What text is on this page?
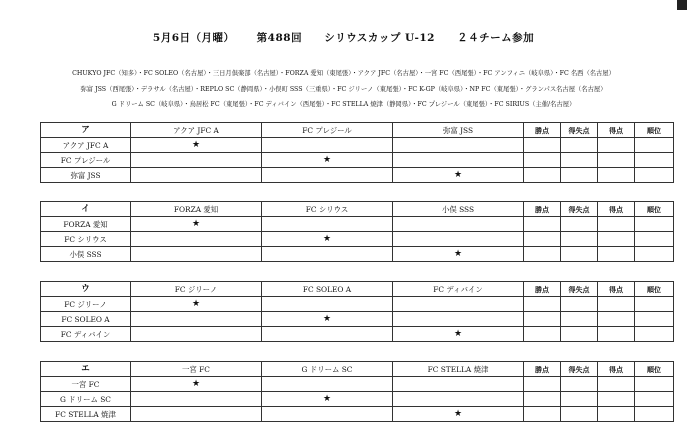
5月6日（月曜） 第488回 シリウスカップ U-12 ２４チーム参加
CHUKYO JFC（知多）・FC SOLEO（名古屋）・三日月倶楽部（名古屋）・FORZA 愛知（東尾張）・アクア JFC（名古屋）・一宮 FC（西尾張）・FC アンフィニ（岐阜県）・FC 名西（名古屋）
弥富 JSS（西尾張）・デラサル（名古屋）・REPLO SC（静岡県）・小俣町 SSS（三重県）・FC ジリーノ（東尾張）・FC K-GP（岐阜県）・NP FC（東尾張）・グランパス名古屋（名古屋）
G ドリーム SC（岐阜県）・鳥居松 FC（東尾張）・FC ディバイン（西尾張）・FC STELLA 焼津（静岡県）・FC プレジール（東尾張）・FC SIRIUS（主催/名古屋）
ア	アクア JFC A	FC プレジール	弥富 JSS	勝点	得失点	得点	順位
アクア JFC A	★						
FC プレジール		★					
弥富 JSS			★				
イ	FORZA 愛知	FC シリウス	小俣 SSS	勝点	得失点	得点	順位
FORZA 愛知	★						
FC シリウス		★					
小俣 SSS			★				
ウ	FC ジリーノ	FC SOLEO A	FC ディバイン	勝点	得失点	得点	順位
FC ジリーノ	★						
FC SOLEO A		★					
FC ディバイン			★				
エ	一宮 FC	G ドリーム SC	FC STELLA 焼津	勝点	得失点	得点	順位
一宮 FC	★						
G ドリーム SC		★					
FC STELLA 焼津			★				
